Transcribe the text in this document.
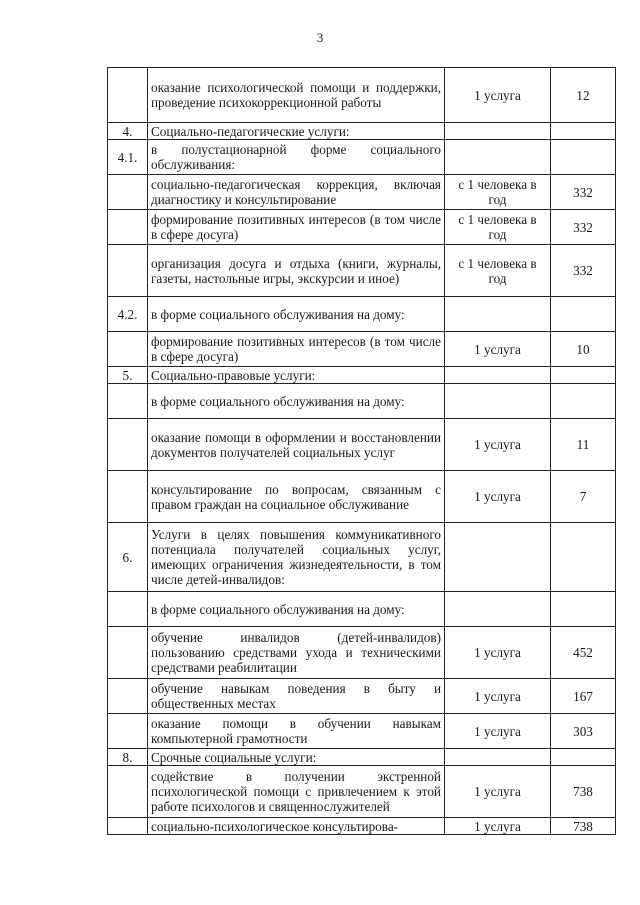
3
	оказание психологической помощи и поддержки, проведение психокоррекционной работы	1 услуга	12
4.	Социально-педагогические услуги:		
4.1.	в полустационарной форме социального обслуживания:		
	социально-педагогическая коррекция, включая диагностику и консультирование	с 1 человека в год	332
	формирование позитивных интересов (в том числе в сфере досуга)	с 1 человека в год	332
	организация досуга и отдыха (книги, журналы, газеты, настольные игры, экскурсии и иное)	с 1 человека в год	332
4.2.	в форме социального обслуживания на дому:		
	формирование позитивных интересов (в том числе в сфере досуга)	1 услуга	10
5.	Социально-правовые услуги:		
	в форме социального обслуживания на дому:		
	оказание помощи в оформлении и восстановлении документов получателей социальных услуг	1 услуга	11
	консультирование по вопросам, связанным с правом граждан на социальное обслуживание	1 услуга	7
6.	Услуги в целях повышения коммуникативного потенциала получателей социальных услуг, имеющих ограничения жизнедеятельности, в том числе детей-инвалидов:		
	в форме социального обслуживания на дому:		
	обучение инвалидов (детей-инвалидов) пользованию средствами ухода и техническими средствами реабилитации	1 услуга	452
	обучение навыкам поведения в быту и общественных местах	1 услуга	167
	оказание помощи в обучении навыкам компьютерной грамотности	1 услуга	303
8.	Срочные социальные услуги:		
	содействие в получении экстренной психологической помощи с привлечением к этой работе психологов и священнослужителей	1 услуга	738
	социально-психологическое консультирова-	1 услуга	738
